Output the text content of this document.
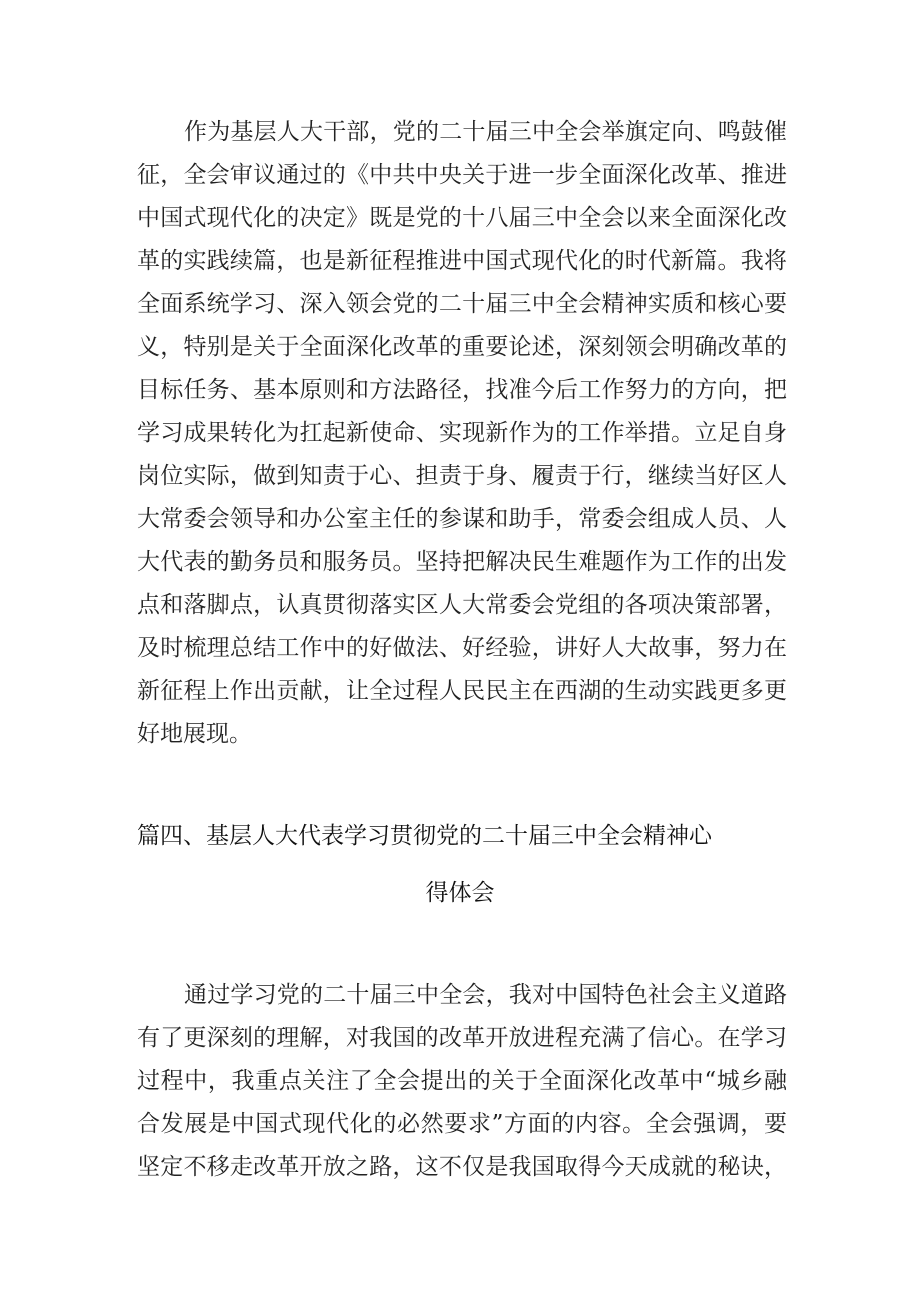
作为基层人大干部，党的二十届三中全会举旗定向、鸣鼓催
征，全会审议通过的《中共中央关于进一步全面深化改革、推进
中国式现代化的决定》既是党的十八届三中全会以来全面深化改
革的实践续篇，也是新征程推进中国式现代化的时代新篇。我将
全面系统学习、深入领会党的二十届三中全会精神实质和核心要
义，特别是关于全面深化改革的重要论述，深刻领会明确改革的
目标任务、基本原则和方法路径，找准今后工作努力的方向，把
学习成果转化为扛起新使命、实现新作为的工作举措。立足自身
岗位实际，做到知责于心、担责于身、履责于行，继续当好区人
大常委会领导和办公室主任的参谋和助手，常委会组成人员、人
大代表的勤务员和服务员。坚持把解决民生难题作为工作的出发
点和落脚点，认真贯彻落实区人大常委会党组的各项决策部署，
及时梳理总结工作中的好做法、好经验，讲好人大故事，努力在
新征程上作出贡献，让全过程人民民主在西湖的生动实践更多更
好地展现。
篇四、基层人大代表学习贯彻党的二十届三中全会精神心
得体会
通过学习党的二十届三中全会，我对中国特色社会主义道路
有了更深刻的理解，对我国的改革开放进程充满了信心。在学习
过程中，我重点关注了全会提出的关于全面深化改革中“城乡融
合发展是中国式现代化的必然要求”方面的内容。全会强调，要
坚定不移走改革开放之路，这不仅是我国取得今天成就的秘诀，
